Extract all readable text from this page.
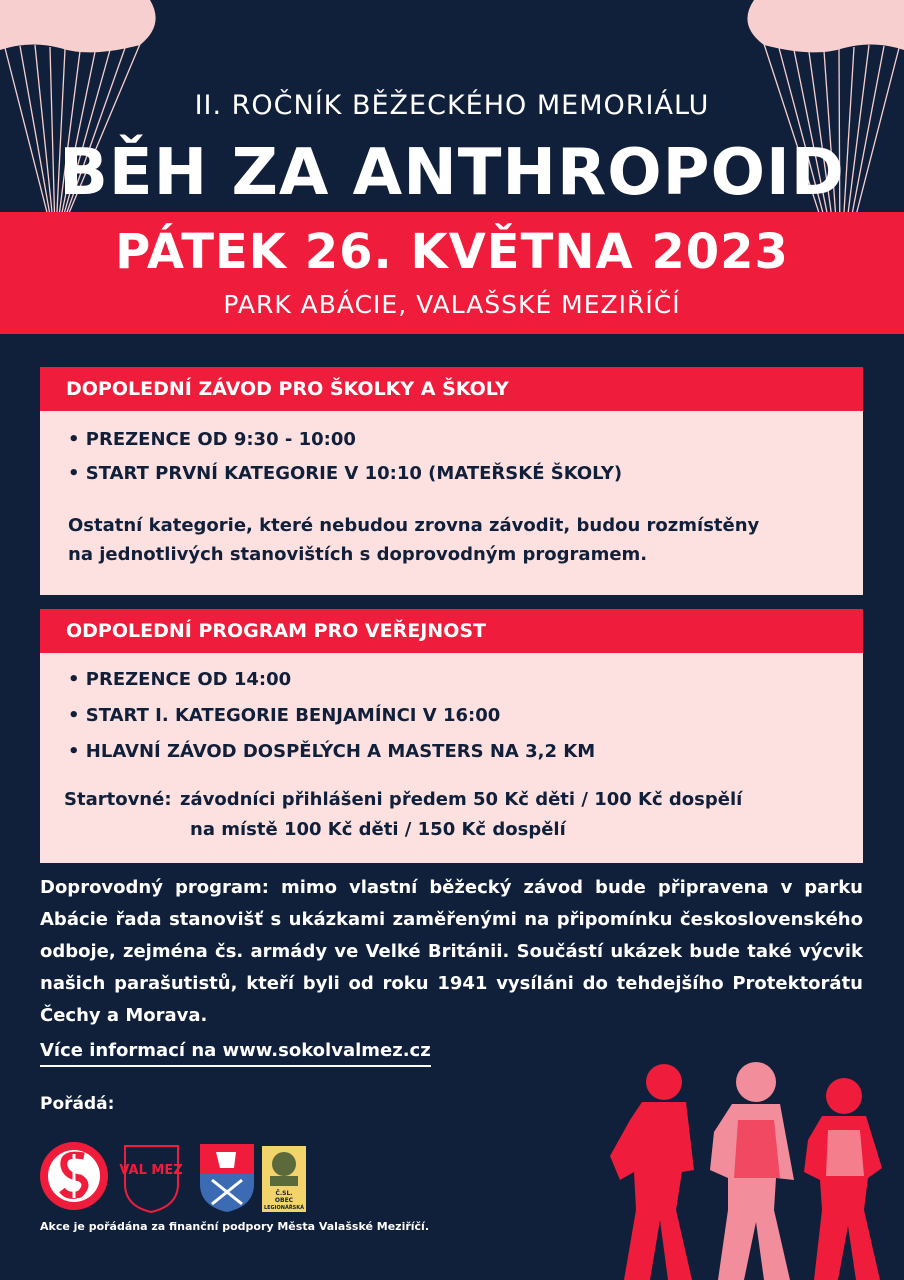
II. ROČNÍK BĚŽECKÉHO MEMORIÁLU
BĚH ZA ANTHROPOID
PÁTEK 26. KVĚTNA 2023
PARK ABÁCIE, VALAŠSKÉ MEZIŘÍČÍ
DOPOLEDNÍ ZÁVOD PRO ŠKOLKY A ŠKOLY
• PREZENCE OD 9:30 - 10:00
• START PRVNÍ KATEGORIE V 10:10 (MATEŘSKÉ ŠKOLY)
Ostatní kategorie, které nebudou zrovna závodit, budou rozmístěny
na jednotlivých stanovištích s doprovodným programem.
ODPOLEDNÍ PROGRAM PRO VEŘEJNOST
• PREZENCE OD 14:00
• START I. KATEGORIE BENJAMÍNCI V 16:00
• HLAVNÍ ZÁVOD DOSPĚLÝCH A MASTERS NA 3,2 KM
Startovné: závodníci přihlášeni předem 50 Kč děti / 100 Kč dospělí
na místě 100 Kč děti / 150 Kč dospělí
Doprovodný program: mimo vlastní běžecký závod bude připravena v parku Abácie řada stanovišť s ukázkami zaměřenými na připomínku československého odboje, zejména čs. armády ve Velké Británii. Součástí ukázek bude také výcvik našich parašutistů, kteří byli od roku 1941 vysíláni do tehdejšího Protektorátu Čechy a Morava.
Více informací na www.sokolvalmez.cz
Pořádá:
VAL MEZ
Č.SL.
OBEC
LEGIONÁŘSKÁ
Akce je pořádána za finanční podpory Města Valašské Meziříčí.
